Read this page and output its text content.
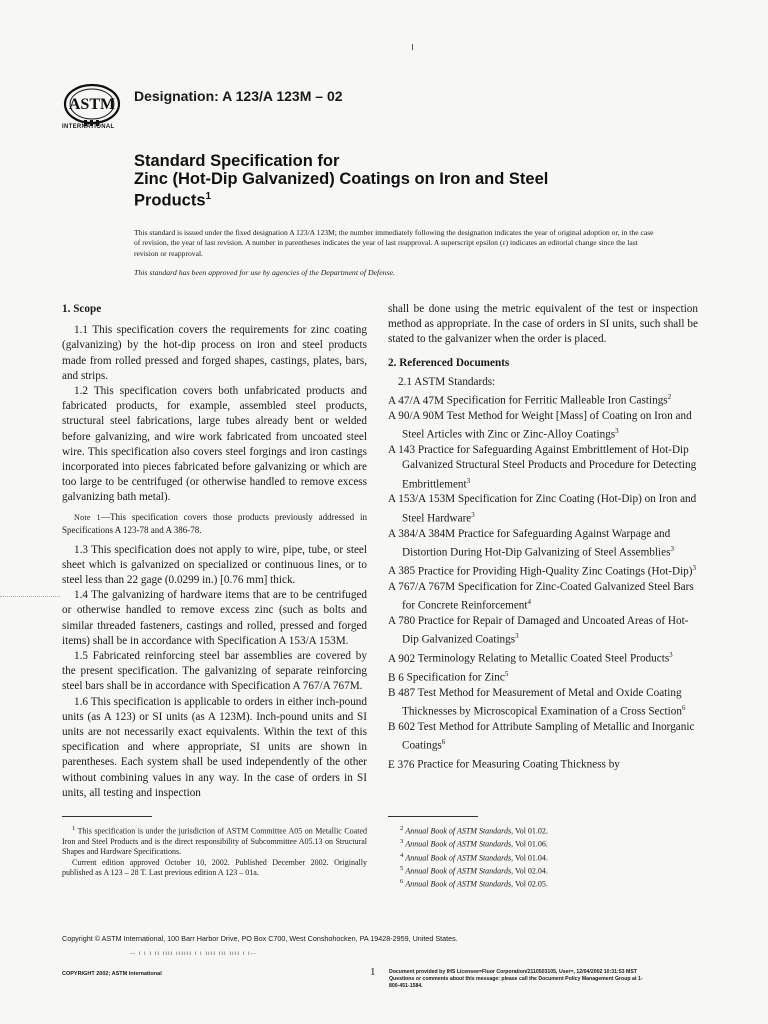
ASTM
INTERNATIONAL
Designation: A 123/A 123M – 02
Standard Specification for
Zinc (Hot-Dip Galvanized) Coatings on Iron and Steel
Products$^1$

This standard is issued under the fixed designation A 123/A 123M; the number immediately following the designation indicates the year of original adoption or, in the case of revision, the year of last revision. A number in parentheses indicates the year of last reapproval. A superscript epsilon (ε) indicates an editorial change since the last revision or reapproval.

This standard has been approved for use by agencies of the Department of Defense.

1. Scope

1.1 This specification covers the requirements for zinc coating (galvanizing) by the hot-dip process on iron and steel products made from rolled pressed and forged shapes, castings, plates, bars, and strips.

1.2 This specification covers both unfabricated products and fabricated products, for example, assembled steel products, structural steel fabrications, large tubes already bent or welded before galvanizing, and wire work fabricated from uncoated steel wire. This specification also covers steel forgings and iron castings incorporated into pieces fabricated before galvanizing or which are too large to be centrifuged (or otherwise handled to remove excess galvanizing bath metal).

Note 1—This specification covers those products previously addressed in Specifications A 123-78 and A 386-78.

1.3 This specification does not apply to wire, pipe, tube, or steel sheet which is galvanized on specialized or continuous lines, or to steel less than 22 gage (0.0299 in.) [0.76 mm] thick.

1.4 The galvanizing of hardware items that are to be centrifuged or otherwise handled to remove excess zinc (such as bolts and similar threaded fasteners, castings and rolled, pressed and forged items) shall be in accordance with Specification A 153/A 153M.

1.5 Fabricated reinforcing steel bar assemblies are covered by the present specification. The galvanizing of separate reinforcing steel bars shall be in accordance with Specification A 767/A 767M.

1.6 This specification is applicable to orders in either inch-pound units (as A 123) or SI units (as A 123M). Inch-pound units and SI units are not necessarily exact equivalents. Within the text of this specification and where appropriate, SI units are shown in parentheses. Each system shall be used independently of the other without combining values in any way. In the case of orders in SI units, all testing and inspection

shall be done using the metric equivalent of the test or inspection method as appropriate. In the case of orders in SI units, such shall be stated to the galvanizer when the order is placed.

2. Referenced Documents

2.1 ASTM Standards:

A 47/A 47M Specification for Ferritic Malleable Iron Castings$^2$

A 90/A 90M Test Method for Weight [Mass] of Coating on Iron and Steel Articles with Zinc or Zinc-Alloy Coatings$^3$

A 143 Practice for Safeguarding Against Embrittlement of Hot-Dip Galvanized Structural Steel Products and Procedure for Detecting Embrittlement$^3$

A 153/A 153M Specification for Zinc Coating (Hot-Dip) on Iron and Steel Hardware$^3$

A 384/A 384M Practice for Safeguarding Against Warpage and Distortion During Hot-Dip Galvanizing of Steel Assemblies$^3$

A 385 Practice for Providing High-Quality Zinc Coatings $(Hot-Dip)^3$

A 767/A 767M Specification for Zinc-Coated Galvanized Steel Bars for Concrete Reinforcement$^4$

A 780 Practice for Repair of Damaged and Uncoated Areas of Hot-Dip Galvanized Coatings$^3$

A 902 Terminology Relating to Metallic Coated Steel Products$^3$

B 6 Specification for Zinc$^5$

B 487 Test Method for Measurement of Metal and Oxide Coating Thicknesses by Microscopical Examination of a Cross Section$^6$

B 602 Test Method for Attribute Sampling of Metallic and Inorganic Coatings$^6$

E 376 Practice for Measuring Coating Thickness by

$^1$ This specification is under the jurisdiction of ASTM Committee A05 on Metallic Coated Iron and Steel Products and is the direct responsibility of Subcommittee A05.13 on Structural Shapes and Hardware Specifications.

Current edition approved October 10, 2002. Published December 2002. Originally published as A 123 – 28 T. Last previous edition A 123 – 01a.

$^2$ Annual Book of ASTM Standards, Vol 01.02.
$^3$ Annual Book of ASTM Standards, Vol 01.06.
$^4$ Annual Book of ASTM Standards, Vol 01.04.
$^5$ Annual Book of ASTM Standards, Vol 02.04.
$^6$ Annual Book of ASTM Standards, Vol 02.05.
Copyright © ASTM International, 100 Barr Harbor Drive, PO Box C700, West Conshohocken, PA 19428-2959, United States.
-- ı ı ı ıı ıııı ıııııı ı ı ıııı ııı ıııı ı ı--
COPYRIGHT 2002; ASTM International	1	Document provided by IHS Licensee=Fluor Corporation/2110503105, User=, 12/04/2002 10:31:53 MST Questions or comments about this message: please call the Document Policy Management Group at 1-800-451-1584.
